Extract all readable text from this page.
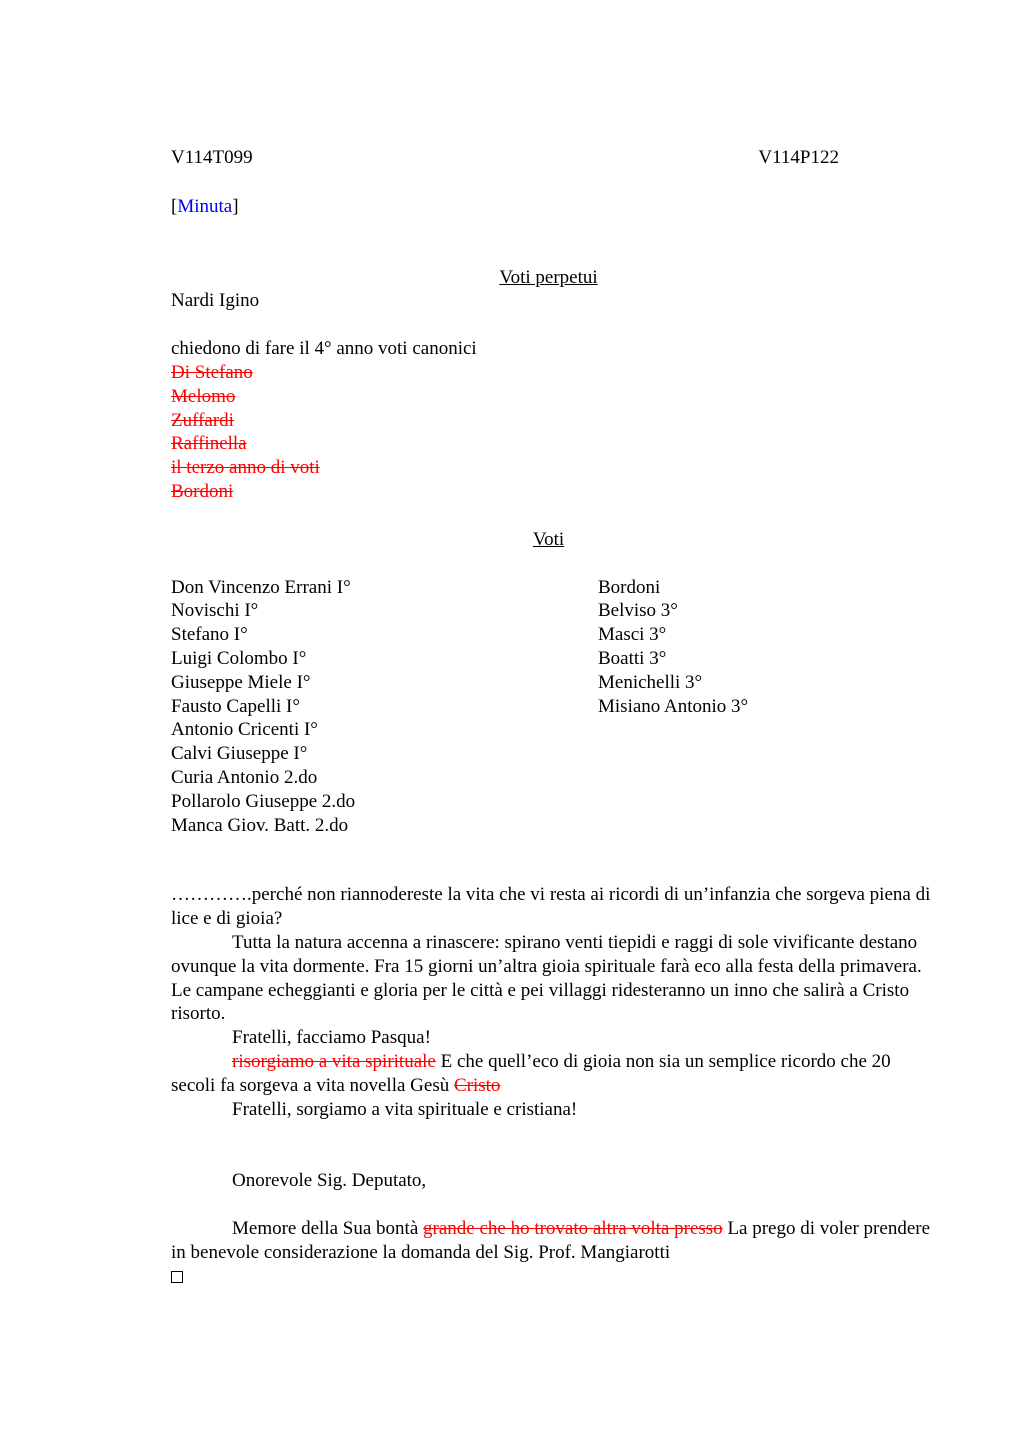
V114T099	V114P122

[Minuta]

Voti perpetui

Nardi Igino

chiedono di fare il 4° anno voti canonici

Di Stefano

Melomo

Zuffardi

Raffinella

il terzo anno di voti

Bordoni

Voti

Don Vincenzo Errani I°

Novischi I°

Stefano I°

Luigi Colombo I°

Giuseppe Miele I°

Fausto Capelli I°

Antonio Cricenti I°

Calvi Giuseppe I°

Curia Antonio 2.do

Pollarolo Giuseppe 2.do

Manca Giov. Batt. 2.do

Bordoni

Belviso 3°

Masci 3°

Boatti 3°

Menichelli 3°

Misiano Antonio 3°

………….perché non riannodereste la vita che vi resta ai ricordi di un’infanzia che sorgeva piena di lice e di gioia?

Tutta la natura accenna a rinascere: spirano venti tiepidi e raggi di sole vivificante destano ovunque la vita dormente. Fra 15 giorni un’altra gioia spirituale farà eco alla festa della primavera. Le campane echeggianti e gloria per le città e pei villaggi ridesteranno un inno che salirà a Cristo risorto.

Fratelli, facciamo Pasqua!

risorgiamo a vita spirituale E che quell’eco di gioia non sia un semplice ricordo che 20 secoli fa sorgeva a vita novella Gesù Cristo

Fratelli, sorgiamo a vita spirituale e cristiana!

Onorevole Sig. Deputato,

Memore della Sua bontà grande che ho trovato altra volta presso La prego di voler prendere in benevole considerazione la domanda del Sig. Prof. Mangiarotti
